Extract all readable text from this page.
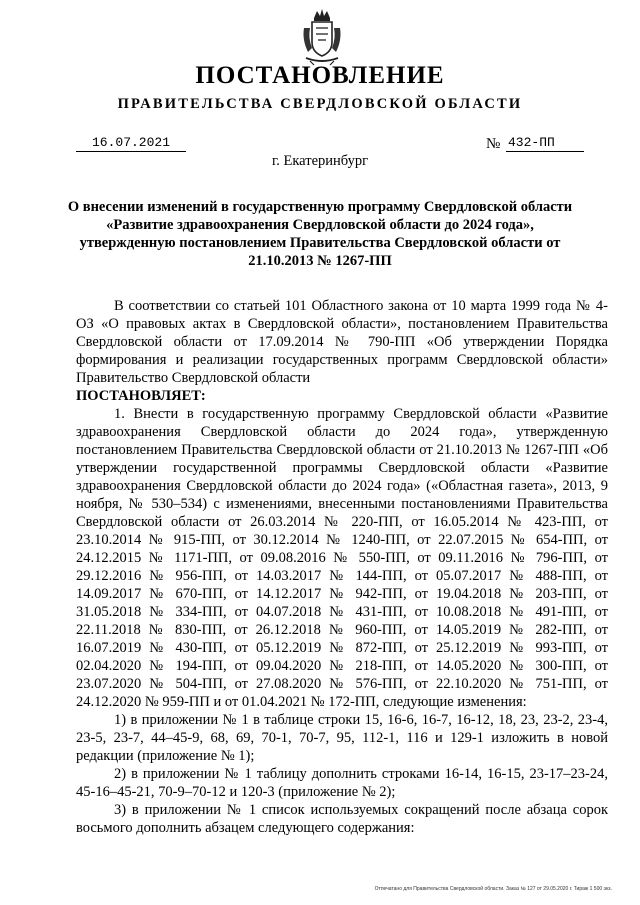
ПОСТАНОВЛЕНИЕ
ПРАВИТЕЛЬСТВА СВЕРДЛОВСКОЙ ОБЛАСТИ
16.07.2021	№ 432-ПП
г. Екатеринбург
О внесении изменений в государственную программу Свердловской области «Развитие здравоохранения Свердловской области до 2024 года», утвержденную постановлением Правительства Свердловской области от 21.10.2013 № 1267-ПП

В соответствии со статьей 101 Областного закона от 10 марта 1999 года № 4-ОЗ «О правовых актах в Свердловской области», постановлением Правительства Свердловской области от 17.09.2014 № 790-ПП «Об утверждении Порядка формирования и реализации государственных программ Свердловской области» Правительство Свердловской области

ПОСТАНОВЛЯЕТ:

1. Внести в государственную программу Свердловской области «Развитие здравоохранения Свердловской области до 2024 года», утвержденную постановлением Правительства Свердловской области от 21.10.2013 № 1267-ПП «Об утверждении государственной программы Свердловской области «Развитие здравоохранения Свердловской области до 2024 года» («Областная газета», 2013, 9 ноября, № 530–534) с изменениями, внесенными постановлениями Правительства Свердловской области от 26.03.2014 № 220-ПП, от 16.05.2014 № 423-ПП, от 23.10.2014 № 915-ПП, от 30.12.2014 № 1240-ПП, от 22.07.2015 № 654-ПП, от 24.12.2015 № 1171-ПП, от 09.08.2016 № 550-ПП, от 09.11.2016 № 796-ПП, от 29.12.2016 № 956-ПП, от 14.03.2017 № 144-ПП, от 05.07.2017 № 488-ПП, от 14.09.2017 № 670-ПП, от 14.12.2017 № 942-ПП, от 19.04.2018 № 203-ПП, от 31.05.2018 № 334-ПП, от 04.07.2018 № 431-ПП, от 10.08.2018 № 491-ПП, от 22.11.2018 № 830-ПП, от 26.12.2018 № 960-ПП, от 14.05.2019 № 282-ПП, от 16.07.2019 № 430-ПП, от 05.12.2019 № 872-ПП, от 25.12.2019 № 993-ПП, от 02.04.2020 № 194-ПП, от 09.04.2020 № 218-ПП, от 14.05.2020 № 300-ПП, от 23.07.2020 № 504-ПП, от 27.08.2020 № 576-ПП, от 22.10.2020 № 751-ПП, от 24.12.2020 № 959-ПП и от 01.04.2021 № 172-ПП, следующие изменения:

1) в приложении № 1 в таблице строки 15, 16-6, 16-7, 16-12, 18, 23, 23-2, 23-4, 23-5, 23-7, 44–45-9, 68, 69, 70-1, 70-7, 95, 112-1, 116 и 129-1 изложить в новой редакции (приложение № 1);

2) в приложении № 1 таблицу дополнить строками 16-14, 16-15, 23-17–23-24, 45-16–45-21, 70-9–70-12 и 120-3 (приложение № 2);

3) в приложении № 1 список используемых сокращений после абзаца сорок восьмого дополнить абзацем следующего содержания:

Отпечатано для Правительства Свердловской области. Заказ № 127 от 29.05.2020 г. Тираж 1 500 экз.
